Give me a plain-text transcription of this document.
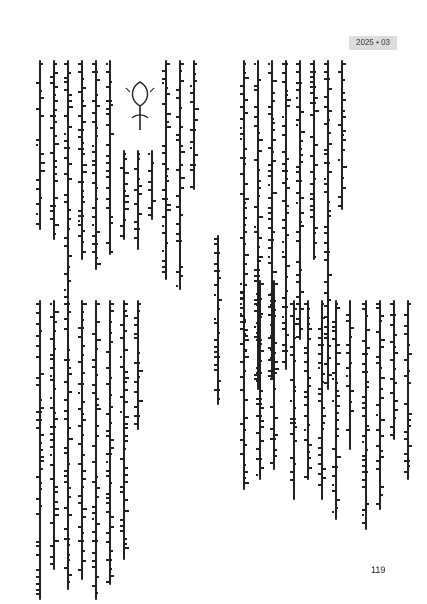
2025 • 03
119
